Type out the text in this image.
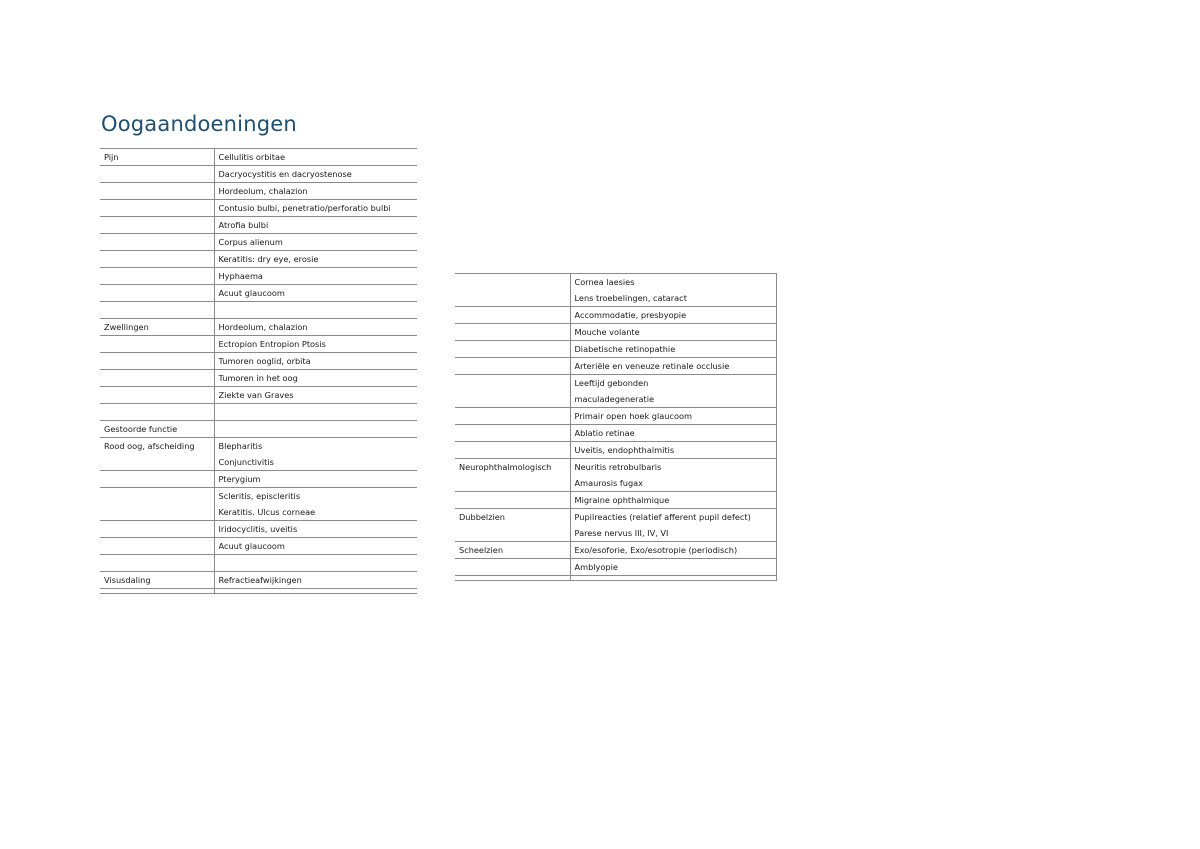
Oogaandoeningen
Pijn	Cellulitis orbitae

	Dacryocystitis en dacryostenose

	Hordeolum, chalazion

	Contusio bulbi, penetratio/perforatio bulbi

	Atrofia bulbi

	Corpus alienum

	Keratitis: dry eye, erosie

	Hyphaema

	Acuut glaucoom

Zwellingen	Hordeolum, chalazion

	Ectropion Entropion Ptosis

	Tumoren ooglid, orbita

	Tumoren in het oog

	Ziekte van Graves

Gestoorde functie	

Rood oog, afscheiding	Blepharitis
Conjunctivitis

	Pterygium

	Scleritis, episcleritis
Keratitis. Ulcus corneae

	Iridocyclitis, uveitis

	Acuut glaucoom

Visusdaling	Refractieafwijkingen

	Cornea laesies
Lens troebelingen, cataract

	Accommodatie, presbyopie

	Mouche volante

	Diabetische retinopathie

	Arteriële en veneuze retinale occlusie

	Leeftijd gebonden
maculadegeneratie

	Primair open hoek glaucoom

	Ablatio retinae

	Uveitis, endophthalmitis

Neurophthalmologisch	Neuritis retrobulbaris
Amaurosis fugax

	Migraine ophthalmique

Dubbelzien	Pupilreacties (relatief afferent pupil defect)
Parese nervus III, IV, VI

Scheelzien	Exo/esoforie, Exo/esotropie (periodisch)

	Amblyopie
